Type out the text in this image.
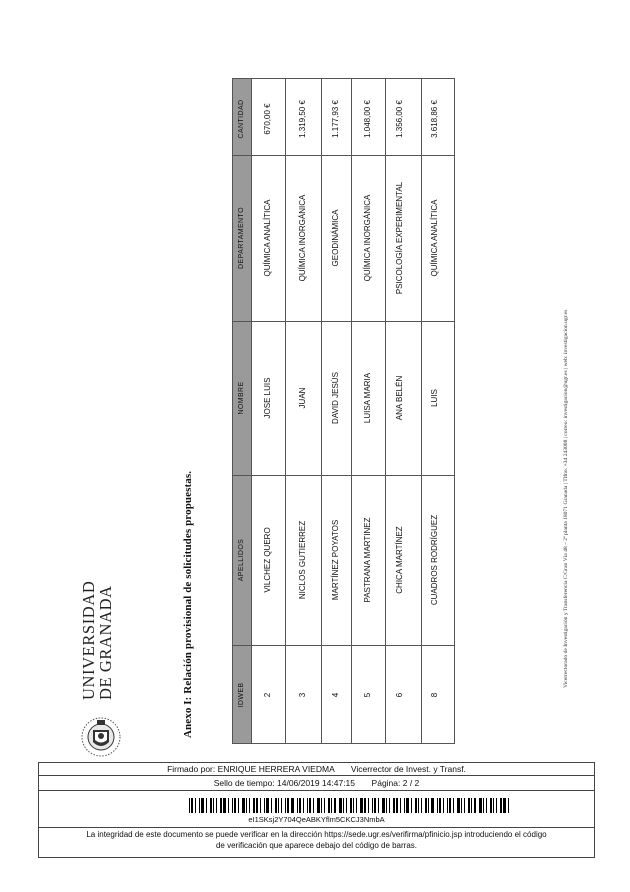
UNIVERSIDAD
DE GRANADA	Anexo I: Relación provisional de solicitudes propuestas.
CANTIDAD
DEPARTAMENTO
NOMBRE
APELLIDOS
IDWEB
670,00 €
QUÍMICA ANALÍTICA
JOSE LUIS
VILCHEZ QUERO
2
1.319,50 €
QUÍMICA INORGÁNICA
JUAN
NICLOS GUTIERREZ
3
1.177,93 €
GEODINÁMICA
DAVID JESÚS
MARTÍNEZ POYATOS
4
1.048,00 €
QUÍMICA INORGÁNICA
LUISA MARIA
PASTRANA MARTINEZ
5
1.356,00 €
PSICOLOGÍA EXPERIMENTAL
ANA BELÉN
CHICA MARTÍNEZ
6
3.618,86 €
QUÍMICA ANALÍTICA
LUIS
CUADROS RODRÍGUEZ
8
Vicerrectorado de Investigación y Transferencia C/Gran Vía 48 – 2ª planta 18071 Granada | Tlfno. +34 243008 | correo: investigacion@ugr.es | web: investigacion.ugr.es
Firmado por: ENRIQUE HERRERA VIEDMA Vicerrector de Invest. y Transf.
Sello de tiempo: 14/06/2019 14:47:15 Página: 2 / 2
eI1SKsj2Y704QeABKYflm5CKCJ3NmbA
La integridad de este documento se puede verificar en la dirección https://sede.ugr.es/verifirma/pfinicio.jsp introduciendo el código
de verificación que aparece debajo del código de barras.
